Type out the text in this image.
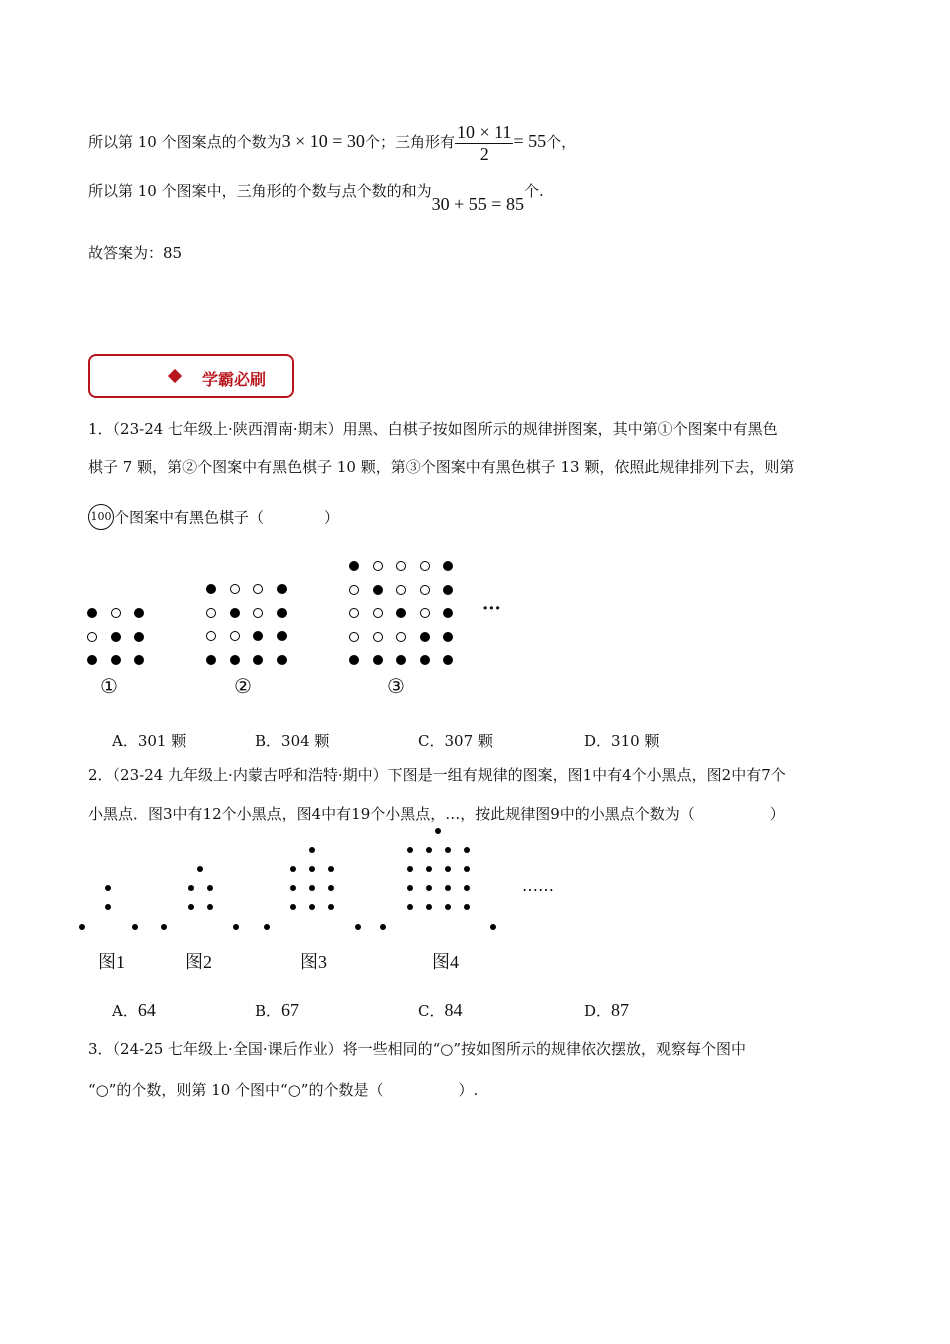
所以第 10 个图案点的个数为3 × 10 = 30个；三角形有 $\frac{10 \times 11}{2} = 55$个，
所以第 10 个图案中，三角形的个数与点个数的和为30 + 55 = 85个.
故答案为：85
学霸必刷
1．（23-24 七年级上·陕西渭南·期末）用黑、白棋子按如图所示的规律拼图案，其中第①个图案中有黑色
棋子 7 颗，第②个图案中有黑色棋子 10 颗，第③个图案中有黑色棋子 13 颗，依照此规律排列下去，则第
100 个图案中有黑色棋子（　　　　）
···
①	②	③
A．301 颗	B．304 颗	C．307 颗	D．310 颗
2．（23-24 九年级上·内蒙古呼和浩特·期中）下图是一组有规律的图案，图1中有4个小黑点，图2中有7个
小黑点．图3中有12个小黑点，图4中有19个小黑点，…，按此规律图9中的小黑点个数为（　　　　　）
……
图1	图2	图3	图4
A．64	B．67	C．84	D．87
3．（24-25 七年级上·全国·课后作业）将一些相同的“○”按如图所示的规律依次摆放，观察每个图中
“○”的个数，则第 10 个图中“○”的个数是（　　　　　）.
